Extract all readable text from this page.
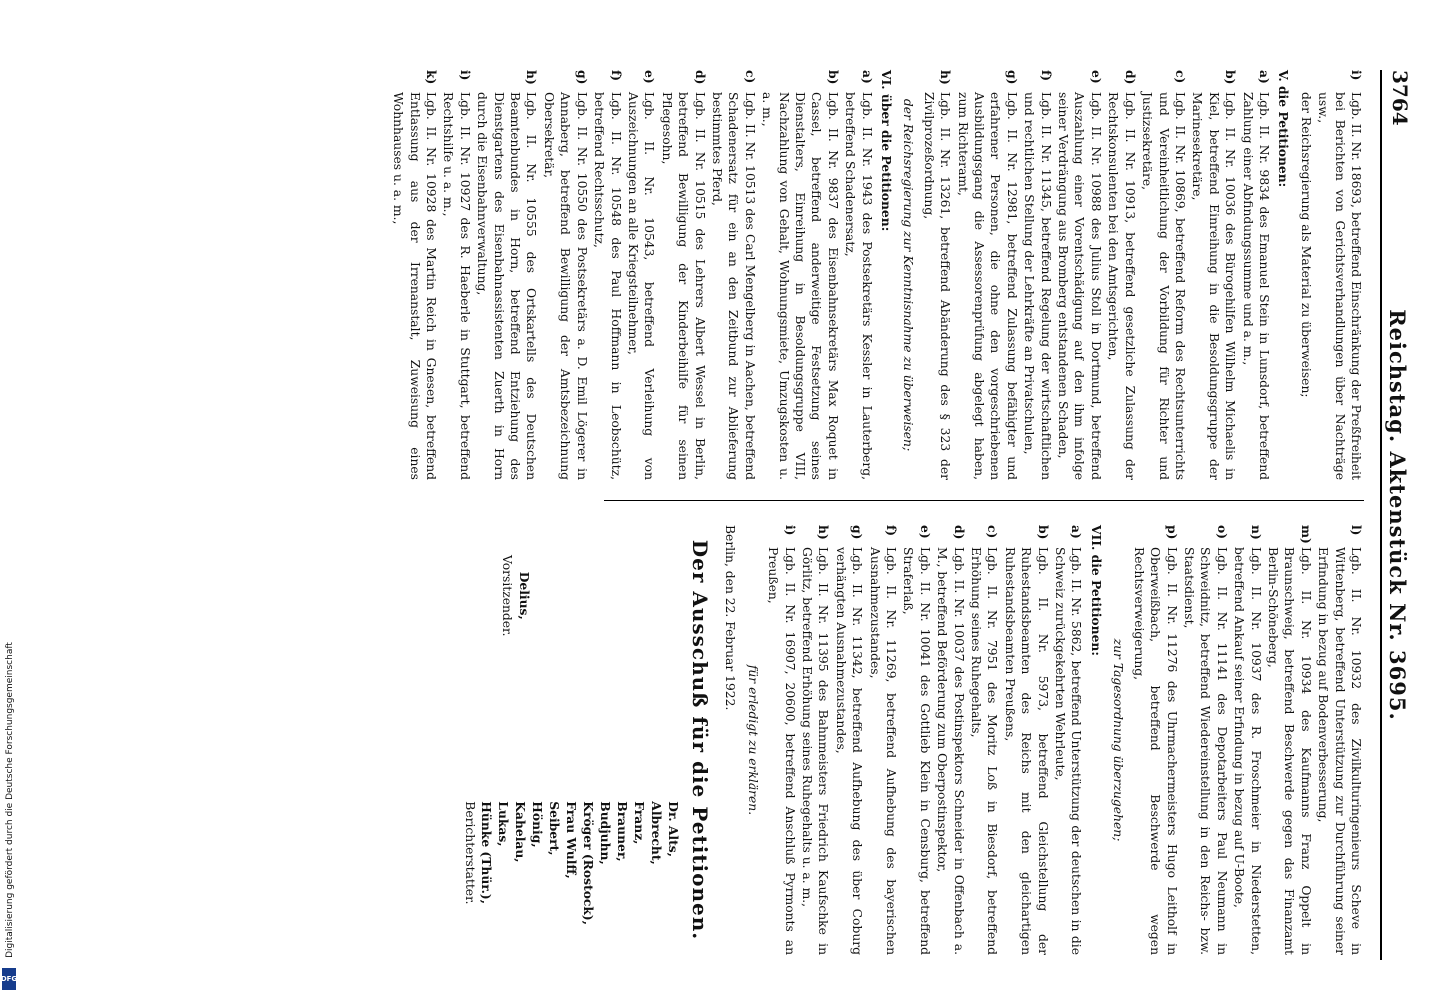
3764
Reichstag. Aktenstück Nr. 3695.
i)
Lgb. II. Nr. 18693, betreffend Einschränkung der Preßfreiheit bei Berichten von Gerichtsverhandlungen über Nachträge usw.,
der Reichsregierung als Material zu überweisen;
V. die Petitionen:
a)
Lgb. II. Nr. 9834 des Emanuel Stein in Lunsdorf, betreffend Zahlung einer Abfindungssumme und a. m.,
b)
Lgb. II. Nr. 10036 des Bürogehilfen Wilhelm Michaelis in Kiel, betreffend Einreihung in die Besoldungsgruppe der Marinesekretäre,
c)
Lgb. II. Nr. 10869, betreffend Reform des Rechtsunterrichts und Vereinheitlichung der Vorbildung für Richter und Justizsekretäre,
d)
Lgb. II. Nr. 10913, betreffend gesetzliche Zulassung der Rechtskonsulenten bei den Amtsgerichten,
e)
Lgb. II. Nr. 10988 des Julius Stoll in Dortmund, betreffend Auszahlung einer Vorentschädigung auf den ihm infolge seiner Verdrängung aus Bromberg entstandenen Schaden,
f)
Lgb. II. Nr. 11345, betreffend Regelung der wirtschaftlichen und rechtlichen Stellung der Lehrkräfte an Privatschulen,
g)
Lgb. II. Nr. 12981, betreffend Zulassung befähigter und erfahrener Personen, die ohne den vorgeschriebenen Ausbildungsgang die Assessorenprüfung abgelegt haben, zum Richteramt,
h)
Lgb. II. Nr. 13261, betreffend Abänderung des § 323 der Zivilprozeßordnung,
der Reichsregierung zur Kenntnisnahme zu überweisen;
VI. über die Petitionen:
a)
Lgb. II. Nr. 1943 des Postsekretärs Kessler in Lauterberg, betreffend Schadenersatz,
b)
Lgb. II. Nr. 9837 des Eisenbahnsekretärs Max Roquet in Cassel, betreffend anderweitige Festsetzung seines Dienstalters, Einreihung in Besoldungsgruppe VIII, Nachzahlung von Gehalt, Wohnungsmiete, Umzugskosten u. a. m.,
c)
Lgb. II. Nr. 10513 des Carl Mengelberg in Aachen, betreffend Schadenersatz für ein an den Zeitbund zur Ablieferung bestimmtes Pferd,
d)
Lgb. II. Nr. 10515 des Lehrers Albert Wessel in Berlin, betreffend Bewilligung der Kinderbeihilfe für seinen Pflegesohn,
e)
Lgb. II. Nr. 10543, betreffend Verleihung von Auszeichnungen an alle Kriegsteilnehmer,
f)
Lgb. II. Nr. 10548 des Paul Hoffmann in Leobschütz, betreffend Rechtsschutz,
g)
Lgb. II. Nr. 10550 des Postsekretärs a. D. Emil Lögerer in Annaberg, betreffend Bewilligung der Amtsbezeichnung Obersekretär,
h)
Lgb. II. Nr. 10555 des Ortskartells des Deutschen Beamtenbundes in Horn, betreffend Entziehung des Dienstgartens des Eisenbahnassistenten Zuerth in Horn durch die Eisenbahnverwaltung,
i)
Lgb. II. Nr. 10927 des R. Haeberle in Stuttgart, betreffend Rechtshilfe u. a. m.,
k)
Lgb. II. Nr. 10928 des Martin Reich in Gnesen, betreffend Entlassung aus der Irrenanstalt, Zuweisung eines Wohnhauses u. a. m.,
l)
Lgb. II. Nr. 10932 des Zivilkulturingenieurs Scheve in Wittenberg, betreffend Unterstützung zur Durchführung seiner Erfindung in bezug auf Bodenverbesserung,
m)
Lgb. II. Nr. 10934 des Kaufmanns Franz Oppelt in Braunschweig, betreffend Beschwerde gegen das Finanzamt Berlin-Schöneberg,
n)
Lgb. II. Nr. 10937 des R. Froschmeier in Niederstetten, betreffend Ankauf seiner Erfindung in bezug auf U-Boote,
o)
Lgb. II. Nr. 11141 des Depotarbeiters Paul Neumann in Schweidnitz, betreffend Wiedereinstellung in den Reichs- bzw. Staatsdienst,
p)
Lgb. II. Nr. 11276 des Uhrmachermeisters Hugo Leitholf in Oberweißbach, betreffend Beschwerde wegen Rechtsverweigerung,
zur Tagesordnung überzugehen;
VII. die Petitionen:
a)
Lgb. II. Nr. 5862, betreffend Unterstützung der deutschen in die Schweiz zurückgekehrten Wehrleute,
b)
Lgb. II. Nr. 5973, betreffend Gleichstellung der Ruhestandsbeamten des Reichs mit den gleichartigen Ruhestandsbeamten Preußens,
c)
Lgb. II. Nr. 7951 des Moritz Loß in Biesdorf, betreffend Erhöhung seines Ruhegehalts,
d)
Lgb. II. Nr. 10037 des Postinspektors Schneider in Offenbach a. M., betreffend Beförderung zum Oberpostinspektor,
e)
Lgb. II. Nr. 10041 des Gottlieb Klein in Censburg, betreffend Straferlaß,
f)
Lgb. II. Nr. 11269, betreffend Aufhebung des bayerischen Ausnahmezustandes,
g)
Lgb. II. Nr. 11342, betreffend Aufhebung des über Coburg verhängten Ausnahmezustandes,
h)
Lgb. II. Nr. 11395 des Bahnmeisters Friedrich Kaufschke in Görlitz, betreffend Erhöhung seines Ruhegehalts u. a. m.,
i)
Lgb. II. Nr. 16907, 20600, betreffend Anschluß Pyrmonts an Preußen,
für erledigt zu erklären.
Berlin, den 22. Februar 1922.
Der Ausschuß für die Petitionen.
Delius,
Vorsitzender.
Dr. Alts,
Albrecht,
Franz,
Brauner,
Budjuhn,
Kröger (Rostock),
Frau Wulff,
Seibert,
Hönig,
Kahelau,
Lukas,
Hünke (Thür.),
Berichterstatter.
Digitalisierung gefördert durch die Deutsche Forschungsgemeinschaft
DFG
